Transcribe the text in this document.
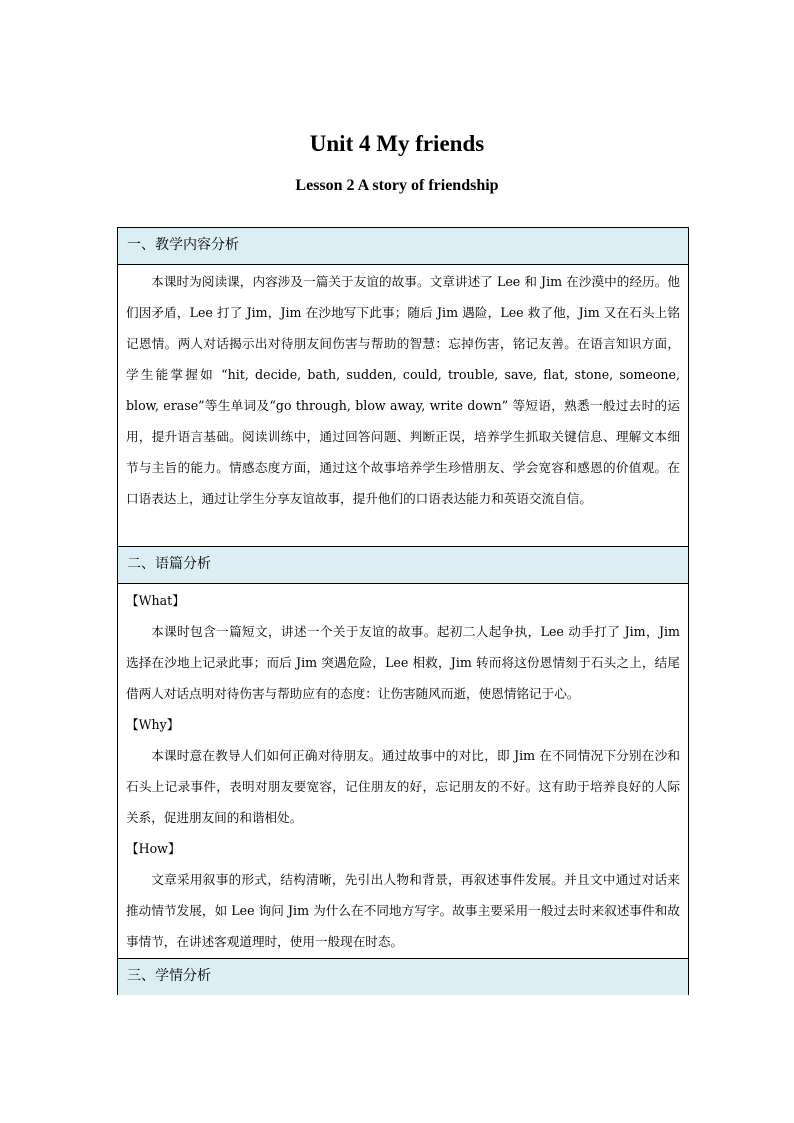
Unit 4 My friends
Lesson 2 A story of friendship
一、教学内容分析

本课时为阅读课，内容涉及一篇关于友谊的故事。文章讲述了 Lee 和 Jim 在沙漠中的经历。他们因矛盾，Lee 打了 Jim，Jim 在沙地写下此事；随后 Jim 遇险，Lee 救了他，Jim 又在石头上铭记恩情。两人对话揭示出对待朋友间伤害与帮助的智慧：忘掉伤害，铭记友善。在语言知识方面，学生能掌握如 “hit, decide, bath, sudden, could, trouble, save, flat, stone, someone, blow, erase”等生单词及“go through, blow away, write down” 等短语，熟悉一般过去时的运用，提升语言基础。阅读训练中，通过回答问题、判断正误，培养学生抓取关键信息、理解文本细节与主旨的能力。情感态度方面，通过这个故事培养学生珍惜朋友、学会宽容和感恩的价值观。在口语表达上，通过让学生分享友谊故事，提升他们的口语表达能力和英语交流自信。

二、语篇分析
【What】

本课时包含一篇短文，讲述一个关于友谊的故事。起初二人起争执，Lee 动手打了 Jim，Jim 选择在沙地上记录此事；而后 Jim 突遇危险，Lee 相救，Jim 转而将这份恩情刻于石头之上，结尾借两人对话点明对待伤害与帮助应有的态度：让伤害随风而逝，使恩情铭记于心。

【Why】

本课时意在教导人们如何正确对待朋友。通过故事中的对比，即 Jim 在不同情况下分别在沙和石头上记录事件，表明对朋友要宽容，记住朋友的好，忘记朋友的不好。这有助于培养良好的人际关系，促进朋友间的和谐相处。

【How】

文章采用叙事的形式，结构清晰，先引出人物和背景，再叙述事件发展。并且文中通过对话来推动情节发展，如 Lee 询问 Jim 为什么在不同地方写字。故事主要采用一般过去时来叙述事件和故事情节，在讲述客观道理时，使用一般现在时态。

三、学情分析
